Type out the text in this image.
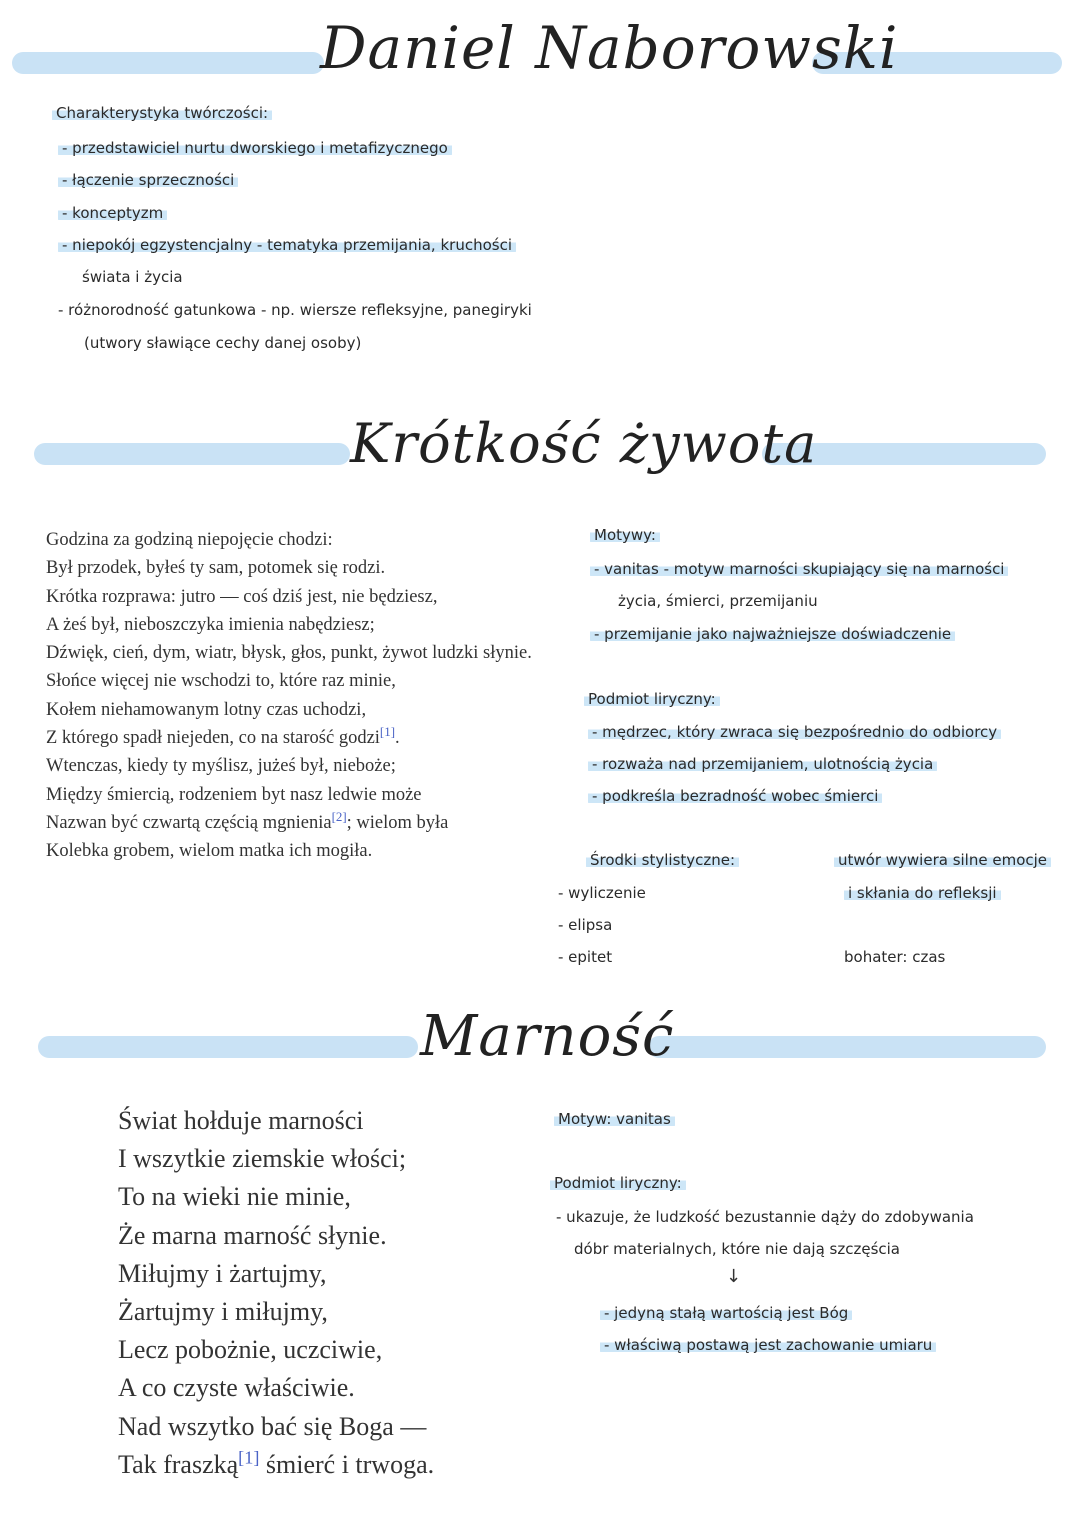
Daniel Naborowski
Charakterystyka twórczości:
- przedstawiciel nurtu dworskiego i metafizycznego
- łączenie sprzeczności
- konceptyzm
- niepokój egzystencjalny - tematyka przemijania, kruchości
świata i życia
- różnorodność gatunkowa - np. wiersze refleksyjne, panegiryki
(utwory sławiące cechy danej osoby)
Krótkość żywota
Godzina za godziną niepojęcie chodzi:
Był przodek, byłeś ty sam, potomek się rodzi.
Krótka rozprawa: jutro — coś dziś jest, nie będziesz,
A żeś był, nieboszczyka imienia nabędziesz;
Dźwięk, cień, dym, wiatr, błysk, głos, punkt, żywot ludzki słynie.
Słońce więcej nie wschodzi to, które raz minie,
Kołem niehamowanym lotny czas uchodzi,
Z którego spadł niejeden, co na starość godzi[1].
Wtenczas, kiedy ty myślisz, jużeś był, nieboże;
Między śmiercią, rodzeniem byt nasz ledwie może
Nazwan być czwartą częścią mgnienia[2]; wielom była
Kolebka grobem, wielom matka ich mogiła.
Motywy:
- vanitas - motyw marności skupiający się na marności
życia, śmierci, przemijaniu
- przemijanie jako najważniejsze doświadczenie
Podmiot liryczny:
- mędrzec, który zwraca się bezpośrednio do odbiorcy
- rozważa nad przemijaniem, ulotnością życia
- podkreśla bezradność wobec śmierci
Środki stylistyczne:
- wyliczenie
- elipsa
- epitet
utwór wywiera silne emocje
i skłania do refleksji
bohater: czas
Marność
Świat hołduje marności
I wszytkie ziemskie włości;
To na wieki nie minie,
Że marna marność słynie.
Miłujmy i żartujmy,
Żartujmy i miłujmy,
Lecz pobożnie, uczciwie,
A co czyste właściwie.
Nad wszytko bać się Boga —
Tak fraszką[1] śmierć i trwoga.
Motyw: vanitas
Podmiot liryczny:
- ukazuje, że ludzkość bezustannie dąży do zdobywania
dóbr materialnych, które nie dają szczęścia
↓
- jedyną stałą wartością jest Bóg
- właściwą postawą jest zachowanie umiaru
